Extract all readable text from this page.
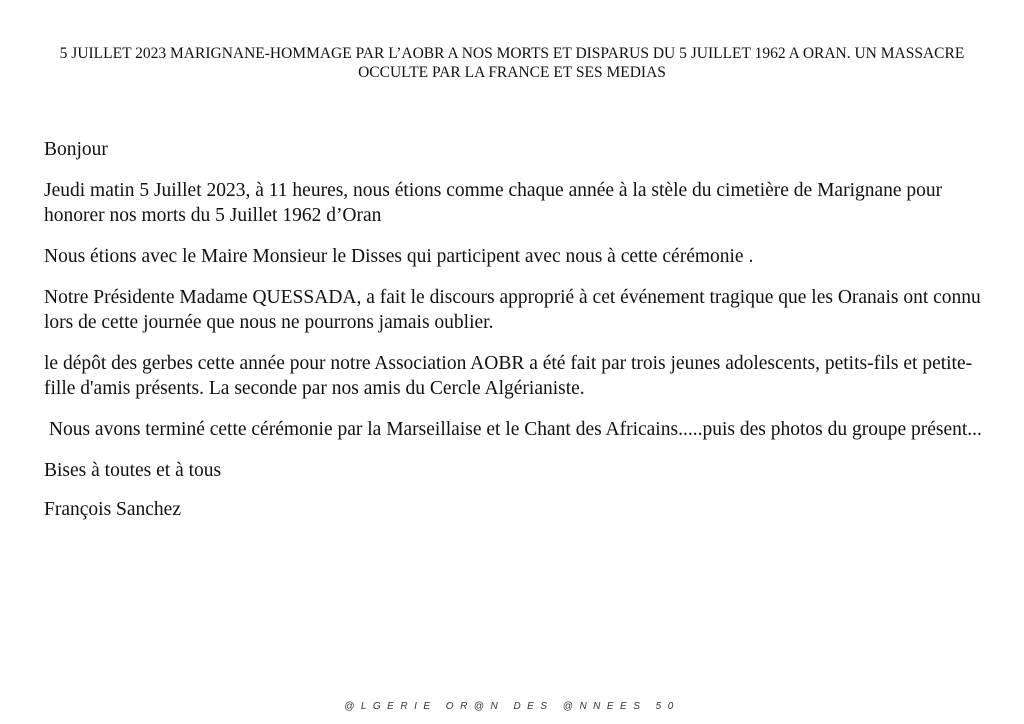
5 JUILLET 2023 MARIGNANE-HOMMAGE PAR L’AOBR A NOS MORTS ET DISPARUS DU 5 JUILLET 1962 A ORAN. UN MASSACRE OCCULTE PAR LA FRANCE ET SES MEDIAS

Bonjour

Jeudi matin 5 Juillet 2023, à 11 heures, nous étions comme chaque année à la stèle du cimetière de Marignane pour honorer nos morts du 5 Juillet 1962 d’Oran

Nous étions avec le Maire Monsieur le Disses qui participent avec nous à cette cérémonie .

Notre Présidente Madame QUESSADA, a fait le discours approprié à cet événement tragique que les Oranais ont connu lors de cette journée que nous ne pourrons jamais oublier.

le dépôt des gerbes cette année pour notre Association AOBR a été fait par trois jeunes adolescents, petits-fils et petite-fille d'amis présents. La seconde par nos amis du Cercle Algérianiste.

Nous avons terminé cette cérémonie par la Marseillaise et le Chant des Africains.....puis des photos du groupe présent...

Bises à toutes et à tous

François Sanchez

@LGERIE OR@N DES @NNEES 50
